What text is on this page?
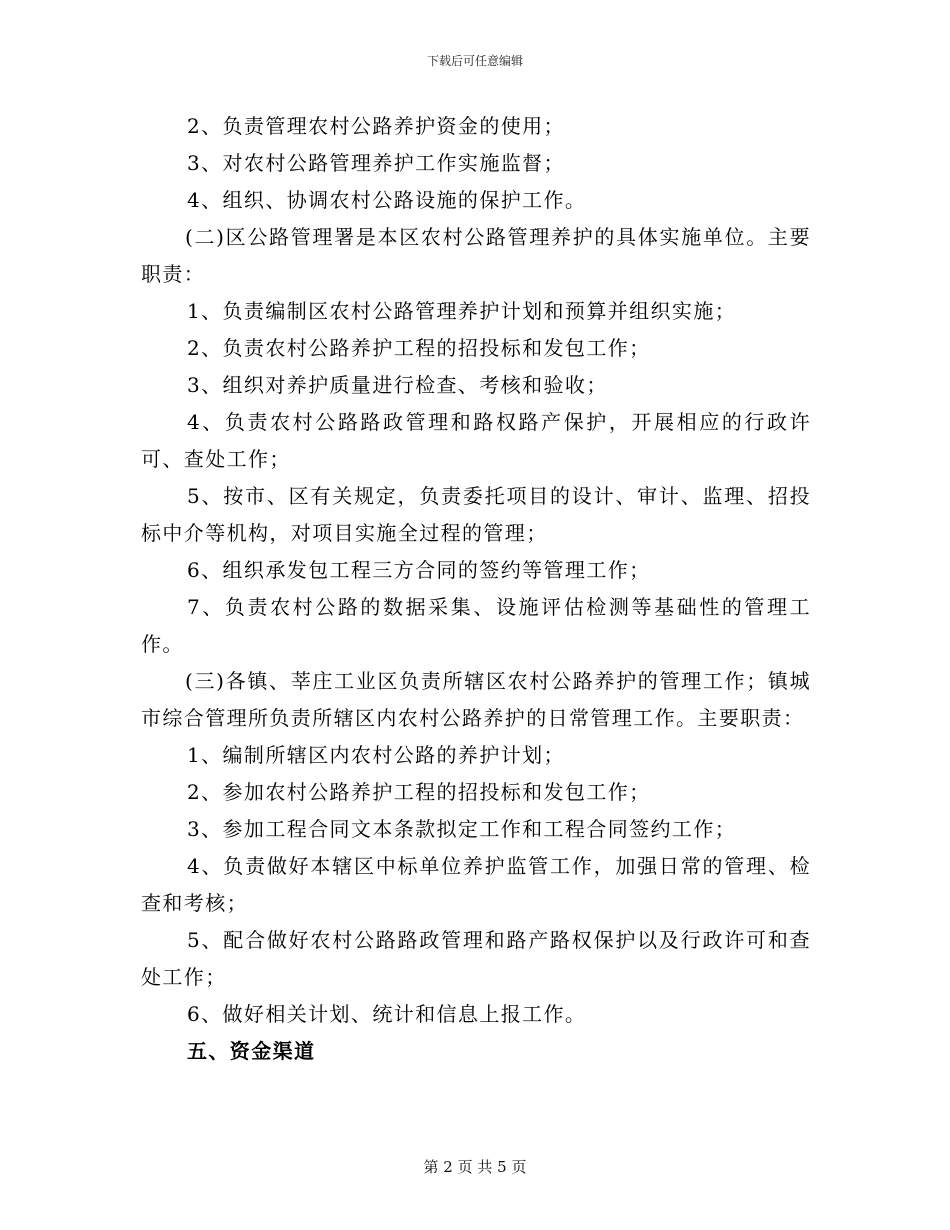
下载后可任意编辑

2、负责管理农村公路养护资金的使用；

3、对农村公路管理养护工作实施监督；

4、组织、协调农村公路设施的保护工作。

(二)区公路管理署是本区农村公路管理养护的具体实施单位。主要职责：

1、负责编制区农村公路管理养护计划和预算并组织实施；

2、负责农村公路养护工程的招投标和发包工作；

3、组织对养护质量进行检查、考核和验收；

4、负责农村公路路政管理和路权路产保护，开展相应的行政许可、查处工作；

5、按市、区有关规定，负责委托项目的设计、审计、监理、招投标中介等机构，对项目实施全过程的管理；

6、组织承发包工程三方合同的签约等管理工作；

7、负责农村公路的数据采集、设施评估检测等基础性的管理工作。

(三)各镇、莘庄工业区负责所辖区农村公路养护的管理工作；镇城市综合管理所负责所辖区内农村公路养护的日常管理工作。主要职责：

1、编制所辖区内农村公路的养护计划；

2、参加农村公路养护工程的招投标和发包工作；

3、参加工程合同文本条款拟定工作和工程合同签约工作；

4、负责做好本辖区中标单位养护监管工作，加强日常的管理、检查和考核；

5、配合做好农村公路路政管理和路产路权保护以及行政许可和查处工作；

6、做好相关计划、统计和信息上报工作。

五、资金渠道

第 2 页 共 5 页
